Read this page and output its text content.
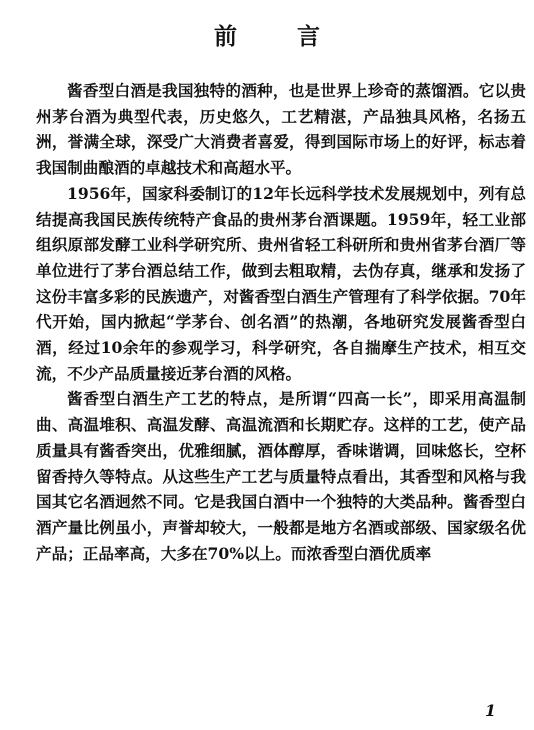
前 言

酱香型白酒是我国独特的酒种，也是世界上珍奇的蒸馏酒。它以贵州茅台酒为典型代表，历史悠久，工艺精湛，产品独具风格，名扬五洲，誉满全球，深受广大消费者喜爱，得到国际市场上的好评，标志着我国制曲酿酒的卓越技术和高超水平。

1956年，国家科委制订的12年长远科学技术发展规划中，列有总结提高我国民族传统特产食品的贵州茅台酒课题。1959年，轻工业部组织原部发酵工业科学研究所、贵州省轻工科研所和贵州省茅台酒厂等单位进行了茅台酒总结工作，做到去粗取精，去伪存真，继承和发扬了这份丰富多彩的民族遗产，对酱香型白酒生产管理有了科学依据。70年代开始，国内掀起“学茅台、创名酒”的热潮，各地研究发展酱香型白酒，经过10余年的参观学习，科学研究，各自揣摩生产技术，相互交流，不少产品质量接近茅台酒的风格。

酱香型白酒生产工艺的特点，是所谓“四高一长”，即采用高温制曲、高温堆积、高温发酵、高温流酒和长期贮存。这样的工艺，使产品质量具有酱香突出，优雅细腻，酒体醇厚，香味谐调，回味悠长，空杯留香持久等特点。从这些生产工艺与质量特点看出，其香型和风格与我国其它名酒迥然不同。它是我国白酒中一个独特的大类品种。酱香型白酒产量比例虽小，声誉却较大，一般都是地方名酒或部级、国家级名优产品；正品率高，大多在70%以上。而浓香型白酒优质率

1
